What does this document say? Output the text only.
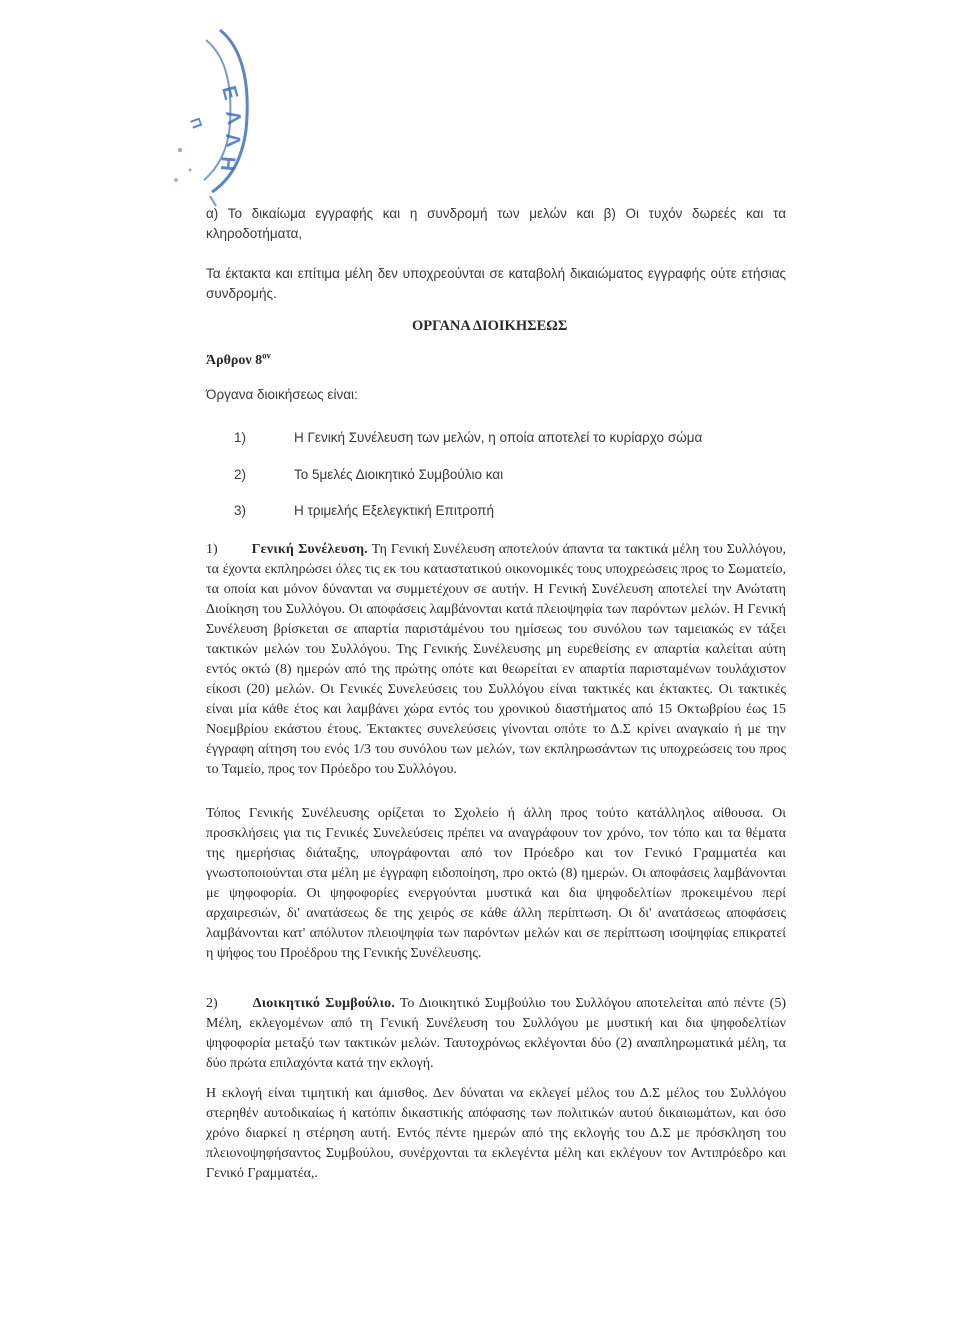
Ε
Λ
Λ
Η
Π

α) Το δικαίωμα εγγραφής και η συνδρομή των μελών και β) Οι τυχόν δωρεές και τα κληροδοτήματα,

Τα έκτακτα και επίτιμα μέλη δεν υποχρεούνται σε καταβολή δικαιώματος εγγραφής ούτε ετήσιας συνδρομής.

ΟΡΓΑΝΑ ΔΙΟΙΚΗΣΕΩΣ
Άρθρον $8^{o\nu}$
Όργανα διοικήσεως είναι:
1)	Η Γενική Συνέλευση των μελών, η οποία αποτελεί το κυρίαρχο σώμα
2)	Το 5μελές Διοικητικό Συμβούλιο και
3)	Η τριμελής Εξελεγκτική Επιτροπή

1) Γενική Συνέλευση. Τη Γενική Συνέλευση αποτελούν άπαντα τα τακτικά μέλη του Συλλόγου, τα έχοντα εκπληρώσει όλες τις εκ του καταστατικού οικονομικές τους υποχρεώσεις προς το Σωματείο, τα οποία και μόνον δύνανται να συμμετέχουν σε αυτήν. Η Γενική Συνέλευση αποτελεί την Ανώτατη Διοίκηση του Συλλόγου. Οι αποφάσεις λαμβάνονται κατά πλειοψηφία των παρόντων μελών. Η Γενική Συνέλευση βρίσκεται σε απαρτία παριστάμένου του ημίσεως του συνόλου των ταμειακώς εν τάξει τακτικών μελών του Συλλόγου. Της Γενικής Συνέλευσης μη ευρεθείσης εν απαρτία καλείται αύτη εντός οκτώ (8) ημερών από της πρώτης οπότε και θεωρείται εν απαρτία παρισταμένων τουλάχιστον είκοσι (20) μελών. Οι Γενικές Συνελεύσεις του Συλλόγου είναι τακτικές και έκτακτες. Οι τακτικές είναι μία κάθε έτος και λαμβάνει χώρα εντός του χρονικού διαστήματος από 15 Οκτωβρίου έως 15 Νοεμβρίου εκάστου έτους. Έκτακτες συνελεύσεις γίνονται οπότε το Δ.Σ κρίνει αναγκαίο ή με την έγγραφη αίτηση του ενός 1/3 του συνόλου των μελών, των εκπληρωσάντων τις υποχρεώσεις του προς το Ταμείο, προς τον Πρόεδρο του Συλλόγου.

Τόπος Γενικής Συνέλευσης ορίζεται το Σχολείο ή άλλη προς τούτο κατάλληλος αίθουσα. Οι προσκλήσεις για τις Γενικές Συνελεύσεις πρέπει να αναγράφουν τον χρόνο, τον τόπο και τα θέματα της ημερήσιας διάταξης, υπογράφονται από τον Πρόεδρο και τον Γενικό Γραμματέα και γνωστοποιούνται στα μέλη με έγγραφη ειδοποίηση, προ οκτώ (8) ημερών. Οι αποφάσεις λαμβάνονται με ψηφοφορία. Οι ψηφοφορίες ενεργούνται μυστικά και δια ψηφοδελτίων προκειμένου περί αρχαιρεσιών, δι' ανατάσεως δε της χειρός σε κάθε άλλη περίπτωση. Οι δι' ανατάσεως αποφάσεις λαμβάνονται κατ' απόλυτον πλειοψηφία των παρόντων μελών και σε περίπτωση ισοψηφίας επικρατεί η ψήφος του Προέδρου της Γενικής Συνέλευσης.

2)	Διοικητικό Συμβούλιο. Το Διοικητικό Συμβούλιο του Συλλόγου αποτελείται από πέντε (5) Μέλη, εκλεγομένων από τη Γενική Συνέλευση του Συλλόγου με μυστική και δια ψηφοδελτίων ψηφοφορία μεταξύ των τακτικών μελών. Ταυτοχρόνως εκλέγονται δύο (2) αναπληρωματικά μέλη, τα δύο πρώτα επιλαχόντα κατά την εκλογή.

Η εκλογή είναι τιμητική και άμισθος. Δεν δύναται να εκλεγεί μέλος του Δ.Σ μέλος του Συλλόγου στερηθέν αυτοδικαίως ή κατόπιν δικαστικής απόφασης των πολιτικών αυτού δικαιωμάτων, και όσο χρόνο διαρκεί η στέρηση αυτή. Εντός πέντε ημερών από της εκλογής του Δ.Σ με πρόσκληση του πλειονοψηφήσαντος Συμβούλου, συνέρχονται τα εκλεγέντα μέλη και εκλέγουν τον Αντιπρόεδρο και Γενικό Γραμματέα,.
